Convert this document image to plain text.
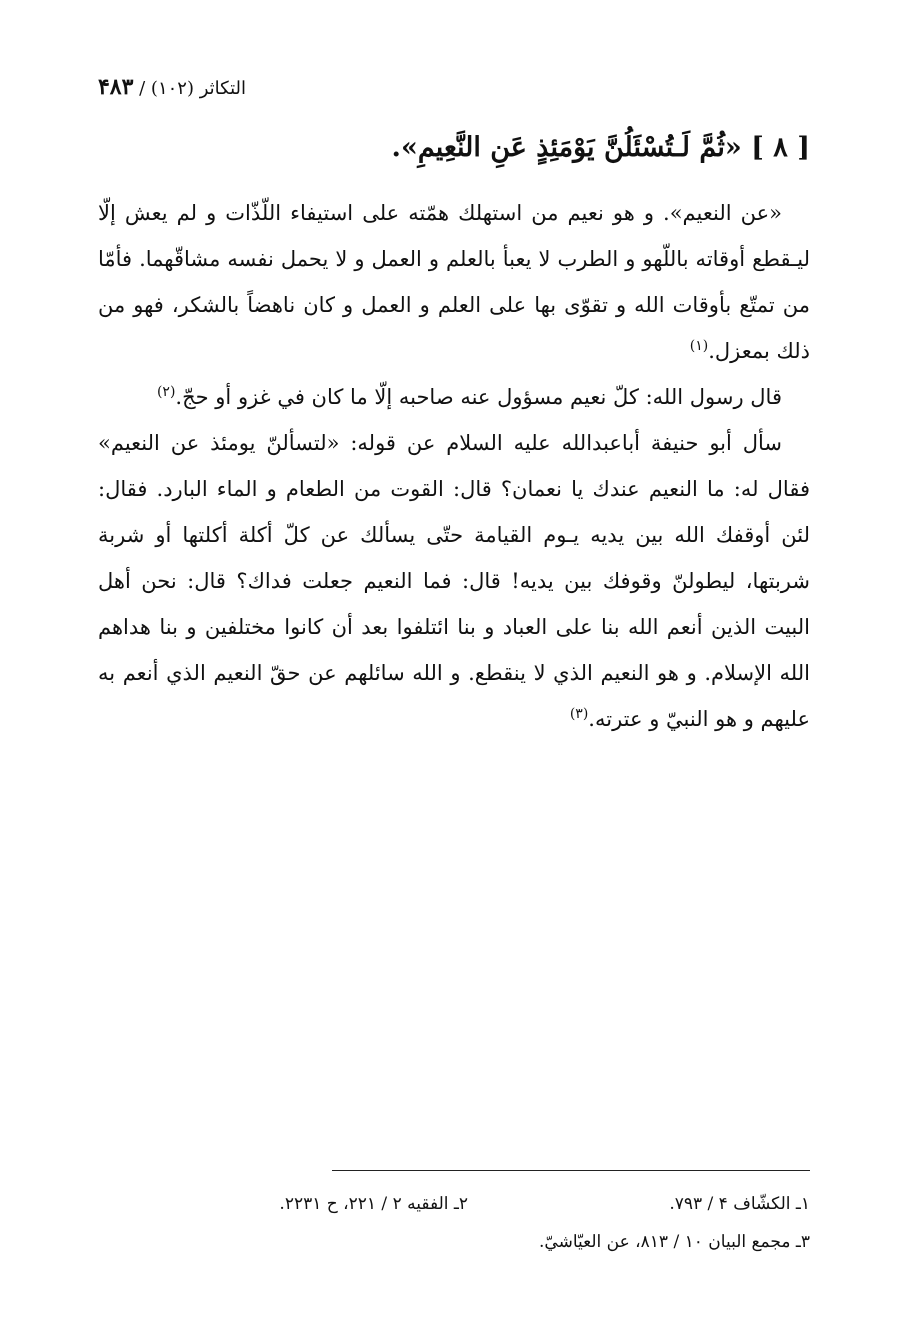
التكاثر (۱۰۲) / ۴۸۳
[ ۸ ] «ثُمَّ لَـتُسْئَلُنَّ يَوْمَئِذٍ عَنِ النَّعِيمِ».

«عن النعيم». و هو نعيم من استهلك همّته على استيفاء اللّذّات و لم يعش إلّا ليـقطع أوقاته باللّهو و الطرب لا يعبأ بالعلم و العمل و لا يحمل نفسه مشاقّهما. فأمّا من تمتّع بأوقات الله و تقوّى بها على العلم و العمل و كان ناهضاً بالشكر، فهو من ذلك بمعزل.$^{(۱)}$

قال رسول الله: كلّ نعيم مسؤول عنه صاحبه إلّا ما كان في غزو أو حجّ.$^{(۲)}$

سأل أبو حنيفة أباعبدالله عليه السلام عن قوله: «لتسألنّ يومئذ عن النعيم» فقال له: ما النعيم عندك يا نعمان؟ قال: القوت من الطعام و الماء البارد. فقال: لئن أوقفك الله بين يديه يـوم القيامة حتّى يسألك عن كلّ أكلة أكلتها أو شربة شربتها، ليطولنّ وقوفك بين يديه! قال: فما النعيم جعلت فداك؟ قال: نحن أهل البيت الذين أنعم الله بنا على العباد و بنا ائتلفوا بعد أن كانوا مختلفين و بنا هداهم الله الإسلام. و هو النعيم الذي لا ينقطع. و الله سائلهم عن حقّ النعيم الذي أنعم به عليهم و هو النبيّ و عترته.$^{(۳)}$

۱ـ الكشّاف ۴ / ۷۹۳.
۲ـ الفقيه ۲ / ۲۲۱، ح ۲۲۳۱.
۳ـ مجمع البيان ۱۰ / ۸۱۳، عن العيّاشيّ.
